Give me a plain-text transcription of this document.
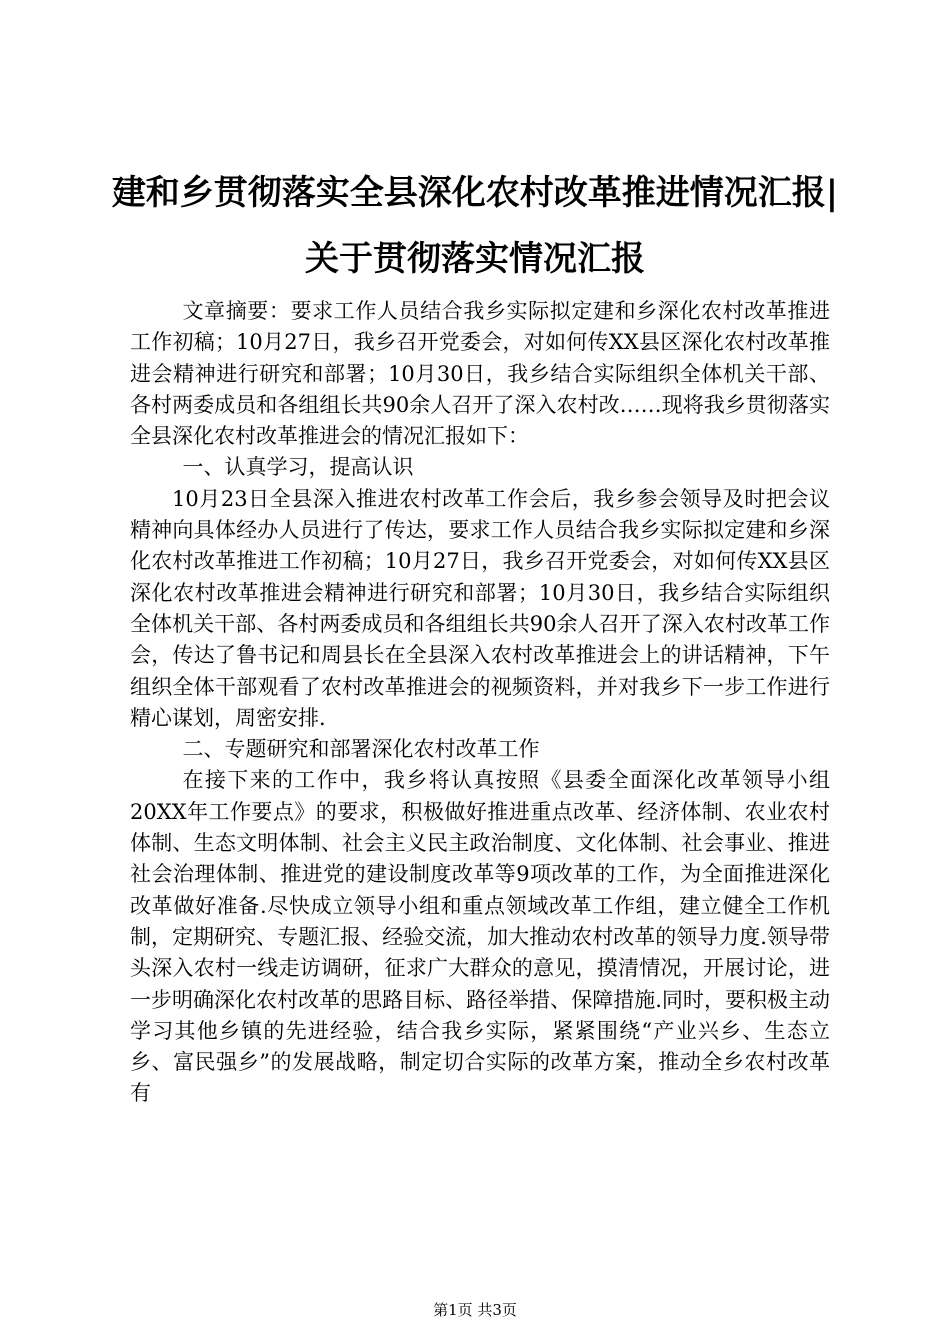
建和乡贯彻落实全县深化农村改革推进情况汇报|关于贯彻落实情况汇报

文章摘要：要求工作人员结合我乡实际拟定建和乡深化农村改革推进工作初稿；10月27日，我乡召开党委会，对如何传XX县区深化农村改革推进会精神进行研究和部署；10月30日，我乡结合实际组织全体机关干部、各村两委成员和各组组长共90余人召开了深入农村改……现将我乡贯彻落实全县深化农村改革推进会的情况汇报如下：

一、认真学习，提高认识

10月23日全县深入推进农村改革工作会后，我乡参会领导及时把会议精神向具体经办人员进行了传达，要求工作人员结合我乡实际拟定建和乡深化农村改革推进工作初稿；10月27日，我乡召开党委会，对如何传XX县区深化农村改革推进会精神进行研究和部署；10月30日，我乡结合实际组织全体机关干部、各村两委成员和各组组长共90余人召开了深入农村改革工作会，传达了鲁书记和周县长在全县深入农村改革推进会上的讲话精神，下午组织全体干部观看了农村改革推进会的视频资料，并对我乡下一步工作进行精心谋划，周密安排.

二、专题研究和部署深化农村改革工作

在接下来的工作中，我乡将认真按照《县委全面深化改革领导小组20XX年工作要点》的要求，积极做好推进重点改革、经济体制、农业农村体制、生态文明体制、社会主义民主政治制度、文化体制、社会事业、推进社会治理体制、推进党的建设制度改革等9项改革的工作，为全面推进深化改革做好准备.尽快成立领导小组和重点领域改革工作组，建立健全工作机制，定期研究、专题汇报、经验交流，加大推动农村改革的领导力度.领导带头深入农村一线走访调研，征求广大群众的意见，摸清情况，开展讨论，进一步明确深化农村改革的思路目标、路径举措、保障措施.同时，要积极主动学习其他乡镇的先进经验，结合我乡实际，紧紧围绕“产业兴乡、生态立乡、富民强乡”的发展战略，制定切合实际的改革方案，推动全乡农村改革有

第1页 共3页
